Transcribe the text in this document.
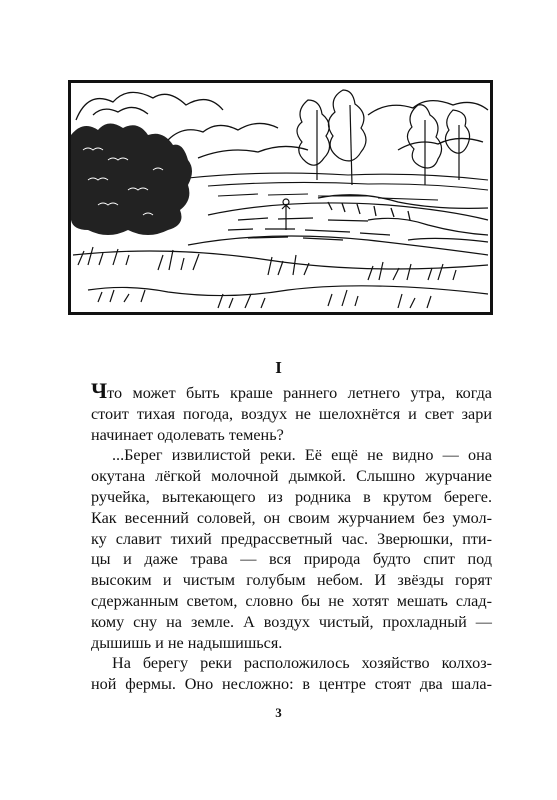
I
Что может быть краше раннего летнего утра, когда
стоит тихая погода, воздух не шелохнётся и свет зари
начинает одолевать темень?
...Берег извилистой реки. Её ещё не видно — она
окутана лёгкой молочной дымкой. Слышно журчание
ручейка, вытекающего из родника в крутом береге.
Как весенний соловей, он своим журчанием без умол-
ку славит тихий предрассветный час. Зверюшки, пти-
цы и даже трава — вся природа будто спит под
высоким и чистым голубым небом. И звёзды горят
сдержанным светом, словно бы не хотят мешать слад-
кому сну на земле. А воздух чистый, прохладный —
дышишь и не надышишься.
На берегу реки расположилось хозяйство колхоз-
ной фермы. Оно несложно: в центре стоят два шала-
3
